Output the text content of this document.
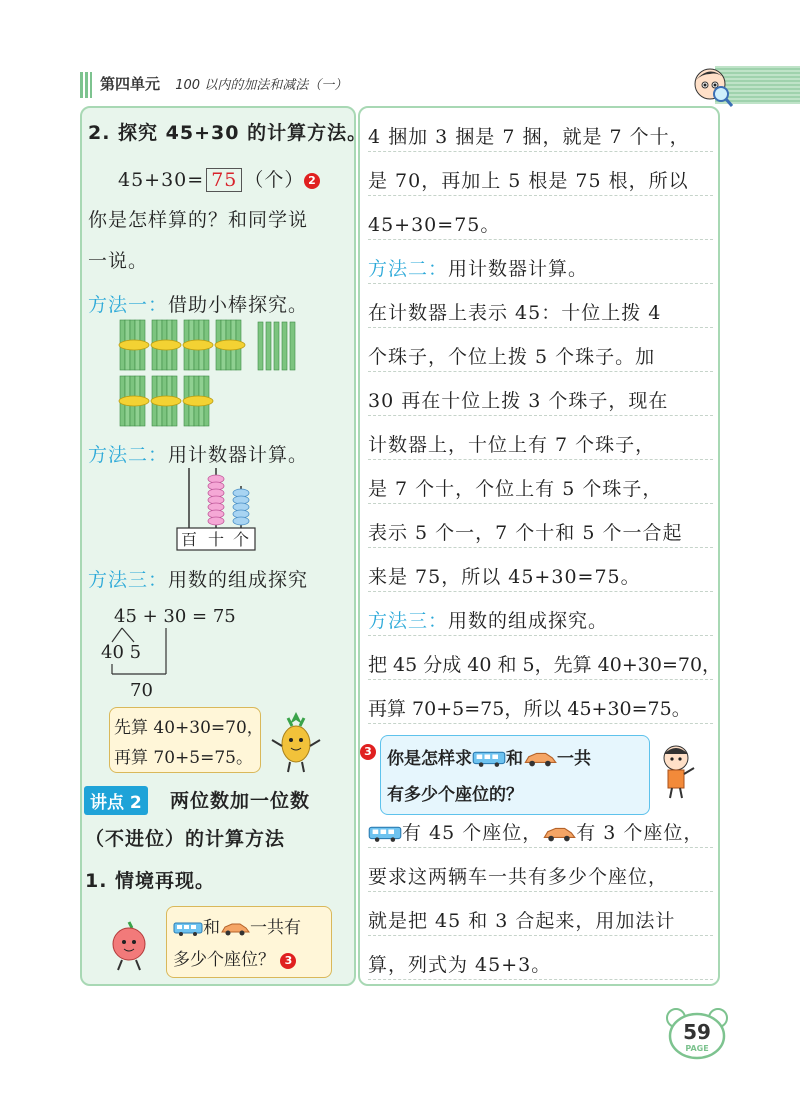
第四单元 100 以内的加法和减法（一）
2. 探究 45+30 的计算方法。
45+30= 75 （个） 2
你是怎样算的？和同学说
一说。
方法一：借助小棒探究。
方法二：用计数器计算。
百 十 个
方法三：用数的组成探究
45 + 30 = 75
40 5
70
先算 40+30=70，
再算 70+5=75。
讲点 2	两位数加一位数
（不进位）的计算方法
1. 情境再现。
和 一共有
多少个座位？ 3
4 捆加 3 捆是 7 捆，就是 7 个十，
是 70，再加上 5 根是 75 根，所以
45+30=75。
方法二：用计数器计算。
在计数器上表示 45：十位上拨 4
个珠子，个位上拨 5 个珠子。加
30 再在十位上拨 3 个珠子，现在
计数器上，十位上有 7 个珠子，
是 7 个十，个位上有 5 个珠子，
表示 5 个一，7 个十和 5 个一合起
来是 75，所以 45+30=75。
方法三：用数的组成探究。
把 45 分成 40 和 5，先算 40+30=70，
再算 70+5=75，所以 45+30=75。
3 你是怎样求 和 一共
有多少个座位的？
有 45 个座位， 有 3 个座位，
要求这两辆车一共有多少个座位，
就是把 45 和 3 合起来，用加法计
算，列式为 45+3。
59
PAGE
